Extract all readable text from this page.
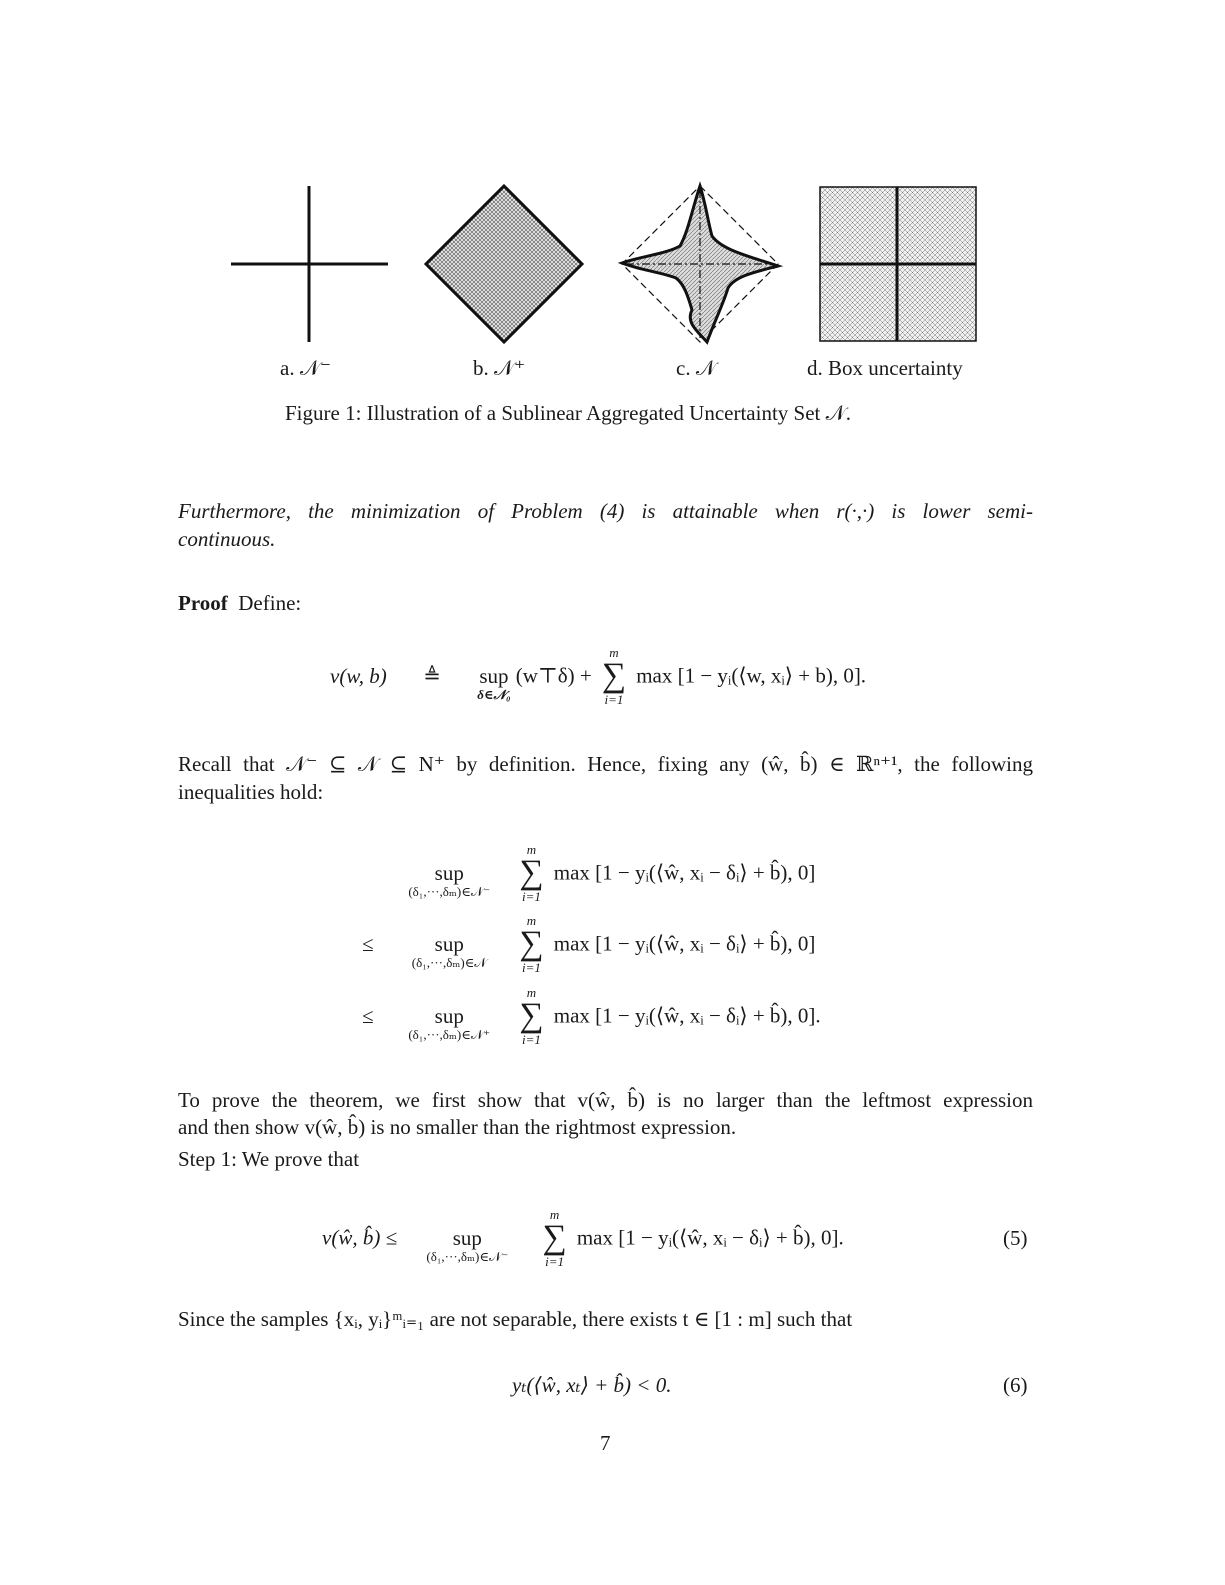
a. 𝒩⁻	b. 𝒩⁺	c. 𝒩	d. Box uncertainty
Figure 1: Illustration of a Sublinear Aggregated Uncertainty Set 𝒩.
Furthermore, the minimization of Problem (4) is attainable when r(·,·) is lower semi-
continuous.
Proof Define:
v(w, b) ≜
sup
δ∈𝒩₀
(w⊤δ) +
m
∑
i=1
max [1 − yᵢ(⟨w, xᵢ⟩ + b), 0].
Recall that 𝒩⁻ ⊆ 𝒩 ⊆ N⁺ by definition. Hence, fixing any (ŵ, b̂) ∈ ℝⁿ⁺¹, the following
inequalities hold:

sup
(δ₁,···,δₘ)∈𝒩⁻

m
∑
i=1
max [1 − yᵢ(⟨ŵ, xᵢ − δᵢ⟩ + b̂), 0]
≤
	sup
(δ₁,···,δₘ)∈𝒩

m
∑
i=1
max [1 − yᵢ(⟨ŵ, xᵢ − δᵢ⟩ + b̂), 0]
≤
	sup
(δ₁,···,δₘ)∈𝒩⁺

m
∑
i=1
max [1 − yᵢ(⟨ŵ, xᵢ − δᵢ⟩ + b̂), 0].
To prove the theorem, we first show that v(ŵ, b̂) is no larger than the leftmost expression
and then show v(ŵ, b̂) is no smaller than the rightmost expression.
Step 1: We prove that
v(ŵ, b̂) ≤
	sup
(δ₁,···,δₘ)∈𝒩⁻

m
∑
i=1
max [1 − yᵢ(⟨ŵ, xᵢ − δᵢ⟩ + b̂), 0].	(5)
Since the samples {xᵢ, yᵢ}ᵐᵢ₌₁ are not separable, there exists t ∈ [1 : m] such that
yₜ(⟨ŵ, xₜ⟩ + b̂) < 0.	(6)
7
